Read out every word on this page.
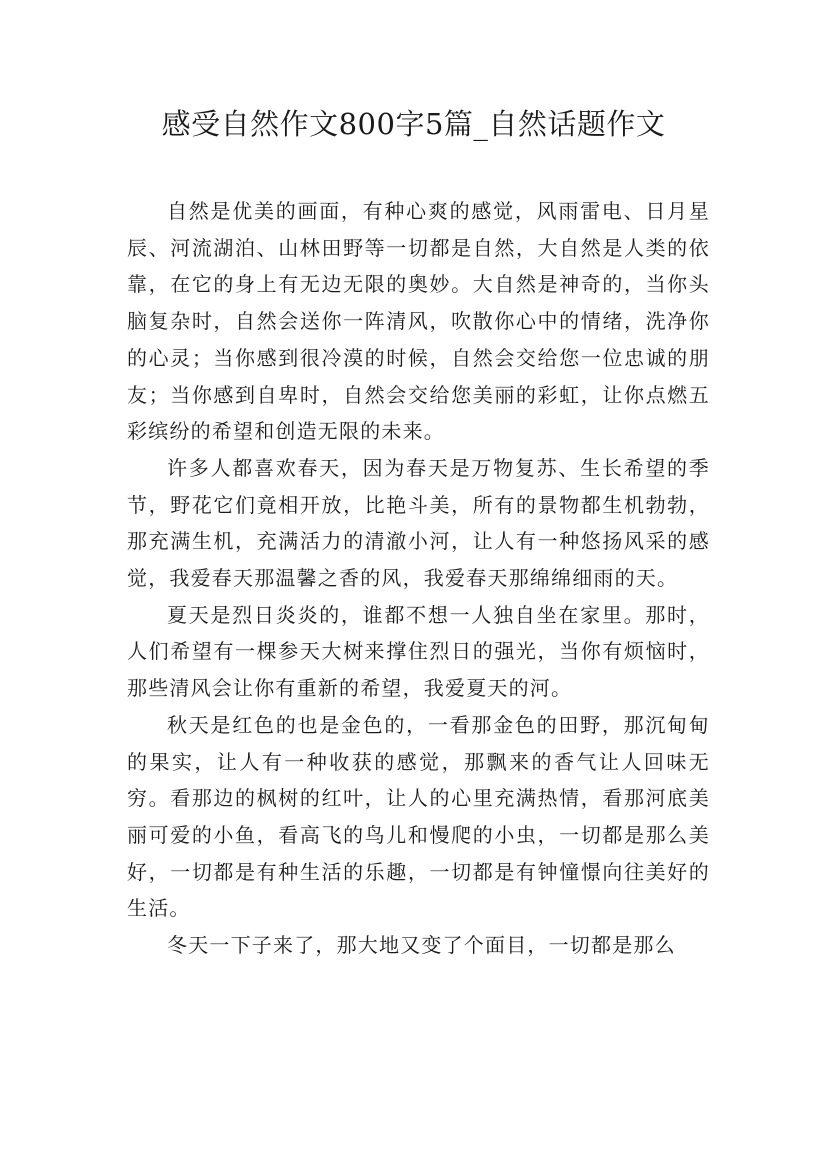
感受自然作文800字5篇_自然话题作文

自然是优美的画面，有种心爽的感觉，风雨雷电、日月星辰、河流湖泊、山林田野等一切都是自然，大自然是人类的依靠，在它的身上有无边无限的奥妙。大自然是神奇的，当你头脑复杂时，自然会送你一阵清风，吹散你心中的情绪，洗净你的心灵；当你感到很冷漠的时候，自然会交给您一位忠诚的朋友；当你感到自卑时，自然会交给您美丽的彩虹，让你点燃五彩缤纷的希望和创造无限的未来。

许多人都喜欢春天，因为春天是万物复苏、生长希望的季节，野花它们竟相开放，比艳斗美，所有的景物都生机勃勃，那充满生机，充满活力的清澈小河，让人有一种悠扬风采的感觉，我爱春天那温馨之香的风，我爱春天那绵绵细雨的天。

夏天是烈日炎炎的，谁都不想一人独自坐在家里。那时，人们希望有一棵参天大树来撑住烈日的强光，当你有烦恼时，那些清风会让你有重新的希望，我爱夏天的河。

秋天是红色的也是金色的，一看那金色的田野，那沉甸甸的果实，让人有一种收获的感觉，那飘来的香气让人回味无穷。看那边的枫树的红叶，让人的心里充满热情，看那河底美丽可爱的小鱼，看高飞的鸟儿和慢爬的小虫，一切都是那么美好，一切都是有种生活的乐趣，一切都是有钟憧憬向往美好的生活。

冬天一下子来了，那大地又变了个面目，一切都是那么
